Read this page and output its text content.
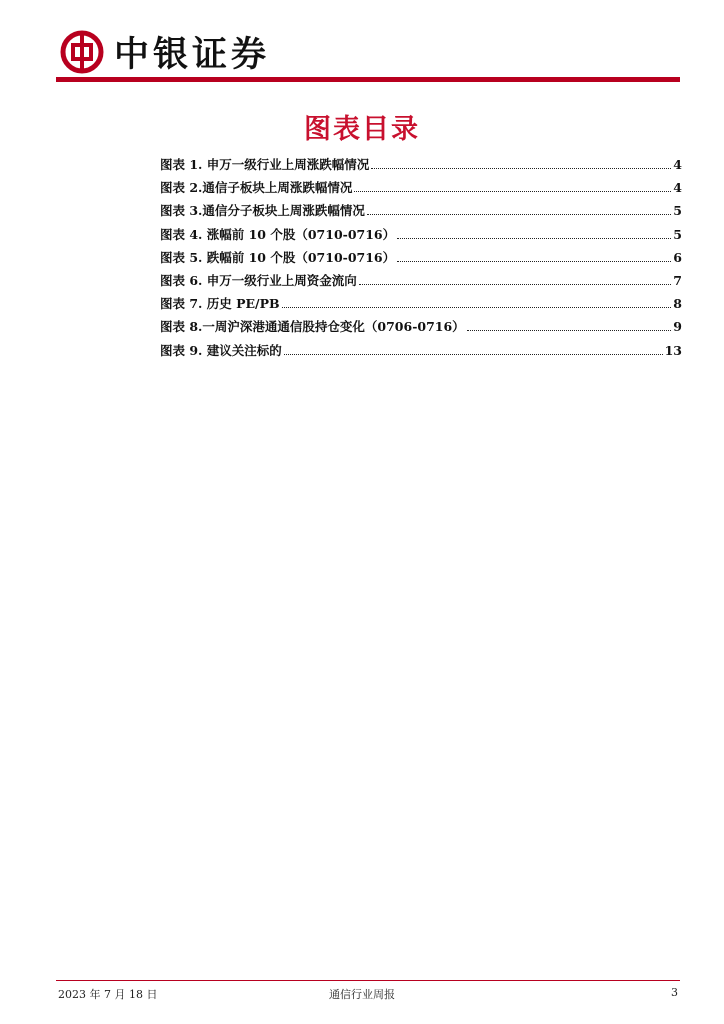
中银证券
图表目录
图表 1. 申万一级行业上周涨跌幅情况	4
图表 2.通信子板块上周涨跌幅情况	4
图表 3.通信分子板块上周涨跌幅情况	5
图表 4. 涨幅前 10 个股（0710-0716）	5
图表 5. 跌幅前 10 个股（0710-0716）	6
图表 6. 申万一级行业上周资金流向	7
图表 7. 历史 PE/PB	8
图表 8.一周沪深港通通信股持仓变化（0706-0716）	9
图表 9. 建议关注标的	13
2023 年 7 月 18 日	通信行业周报	3
